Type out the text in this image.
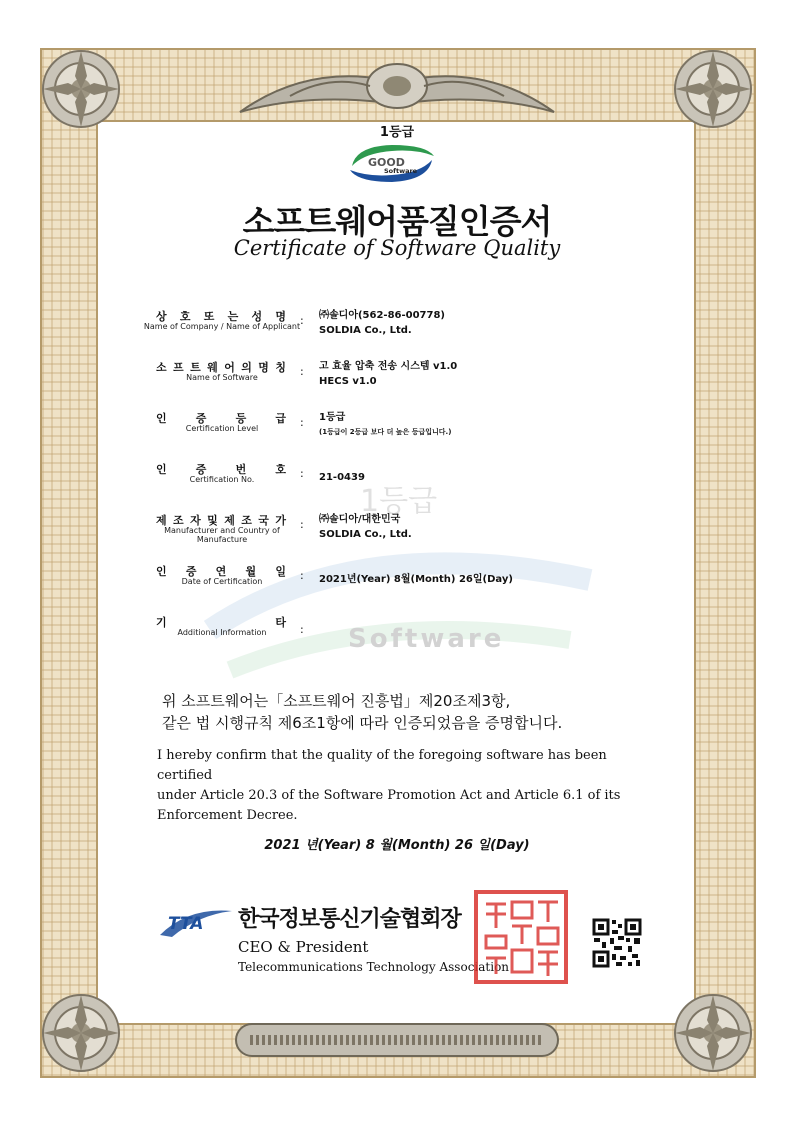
1등급
Software
1등급
GOOD
Software
소프트웨어품질인증서
Certificate of Software Quality
상 호 또 는 성 명
Name of Company / Name of Applicant : ㈜솔디아(562-86-00778)
SOLDIA Co., Ltd.
소 프 트 웨 어 의 명 칭
Name of Software	: 고 효율 압축 전송 시스템 v1.0
HECS v1.0
인 증 등 급
Certification Level	: 1등급
(1등급이 2등급 보다 더 높은 등급입니다.)
인 증 번 호
Certification No.	: 21-0439
제 조 자 및 제 조 국 가
Manufacturer and Country of Manufacture
: ㈜솔디아/대한민국
SOLDIA Co., Ltd.
인 증 연 월 일
Date of Certification	: 2021년(Year) 8월(Month) 26일(Day)
기 타
Additional Information	:
위 소프트웨어는「소프트웨어 진흥법」제20조제3항,
같은 법 시행규칙 제6조1항에 따라 인증되었음을 증명합니다.
I hereby confirm that the quality of the foregoing software has been certified
under Article 20.3 of the Software Promotion Act and Article 6.1 of its
Enforcement Decree.
2021 년(Year) 8 월(Month) 26 일(Day)
TTA 한국정보통신기술협회장
CEO & President
Telecommunications Technology Association
